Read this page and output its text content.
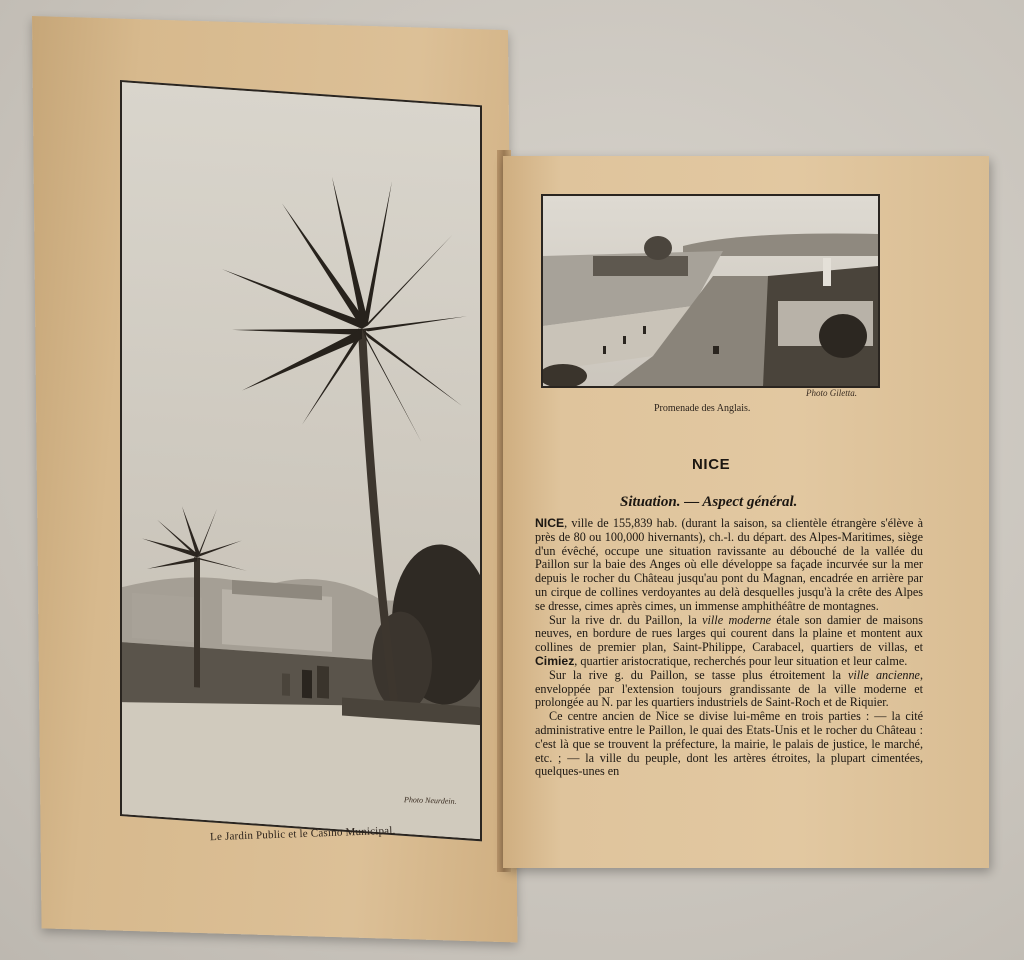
Photo Neurdein.
Le Jardin Public et le Casino Municipal.
Photo Giletta.
Promenade des Anglais.
NICE
Situation. — Aspect général.

NICE, ville de 155,839 hab. (durant la saison, sa clientèle étrangère s'élève à près de 80 ou 100,000 hivernants), ch.-l. du départ. des Alpes-Maritimes, siège d'un évêché, occupe une situation ravissante au débouché de la vallée du Paillon sur la baie des Anges où elle développe sa façade incurvée sur la mer depuis le rocher du Château jusqu'au pont du Magnan, encadrée en arrière par un cirque de collines verdoyantes au delà desquelles jusqu'à la crête des Alpes se dresse, cimes après cimes, un immense amphithéâtre de montagnes.

Sur la rive dr. du Paillon, la ville moderne étale son damier de maisons neuves, en bordure de rues larges qui courent dans la plaine et montent aux collines de premier plan, Saint-Philippe, Carabacel, quartiers de villas, et Cimiez, quartier aristocratique, recherchés pour leur situation et leur calme.

Sur la rive g. du Paillon, se tasse plus étroitement la ville ancienne, enveloppée par l'extension toujours grandissante de la ville moderne et prolongée au N. par les quartiers industriels de Saint-Roch et de Riquier.

Ce centre ancien de Nice se divise lui-même en trois parties : — la cité administrative entre le Paillon, le quai des Etats-Unis et le rocher du Château : c'est là que se trouvent la préfecture, la mairie, le palais de justice, le marché, etc. ; — la ville du peuple, dont les artères étroites, la plupart cimentées, quelques-unes en
